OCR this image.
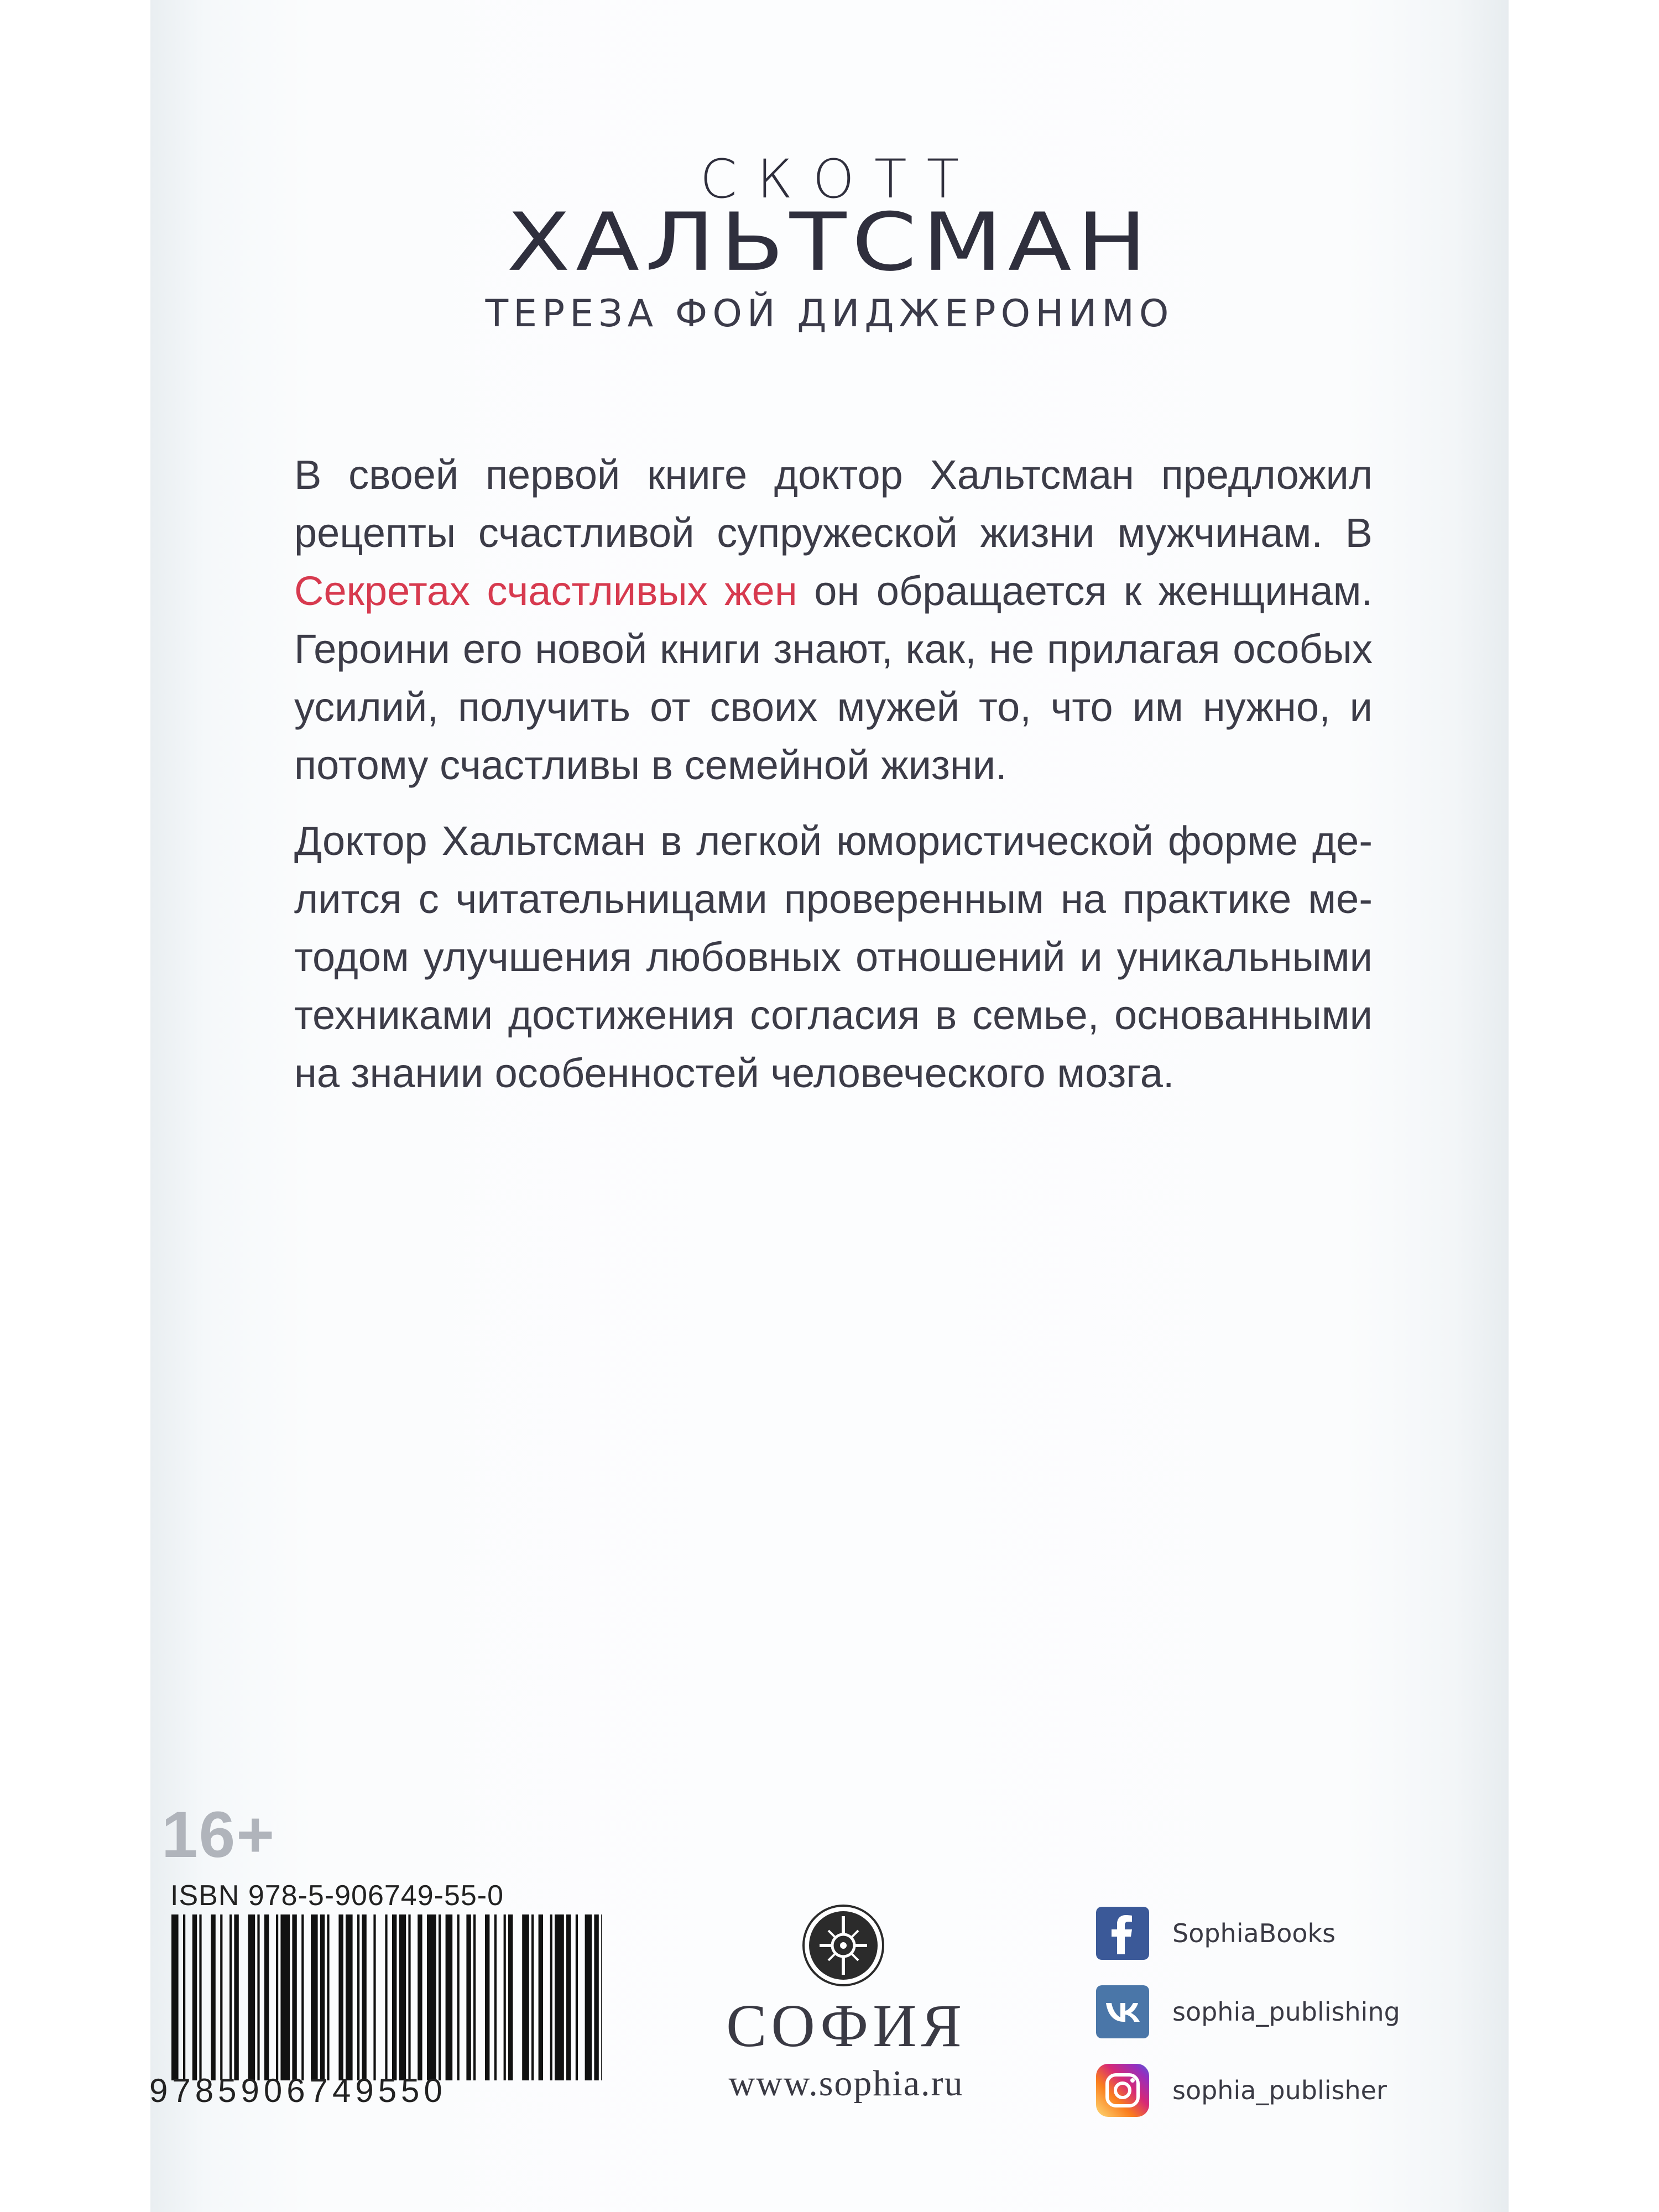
СКОТТ
ХАЛЬТСМАН
ТЕРЕЗА ФОЙ ДИДЖЕРОНИМО
В своей первой книге доктор Хальтсман предложил рецепты счастливой супружеской жизни мужчинам. В Секретах счастливых жен он обращается к женщинам. Героини его новой книги знают, как, не прилагая особых усилий, получить от своих мужей то, что им нужно, и потому счастливы в семейной жизни.
Доктор Хальтсман в легкой юмористической форме делится с читательницами проверенным на практике методом улучшения любовных отношений и уникальными техниками достижения согласия в семье, основанными на знании особенностей человеческого мозга.
16+
ISBN 978-5-906749-55-0
9785906749550
СОФИЯ
www.sophia.ru
SophiaBooks
sophia_publishing
sophia_publisher
